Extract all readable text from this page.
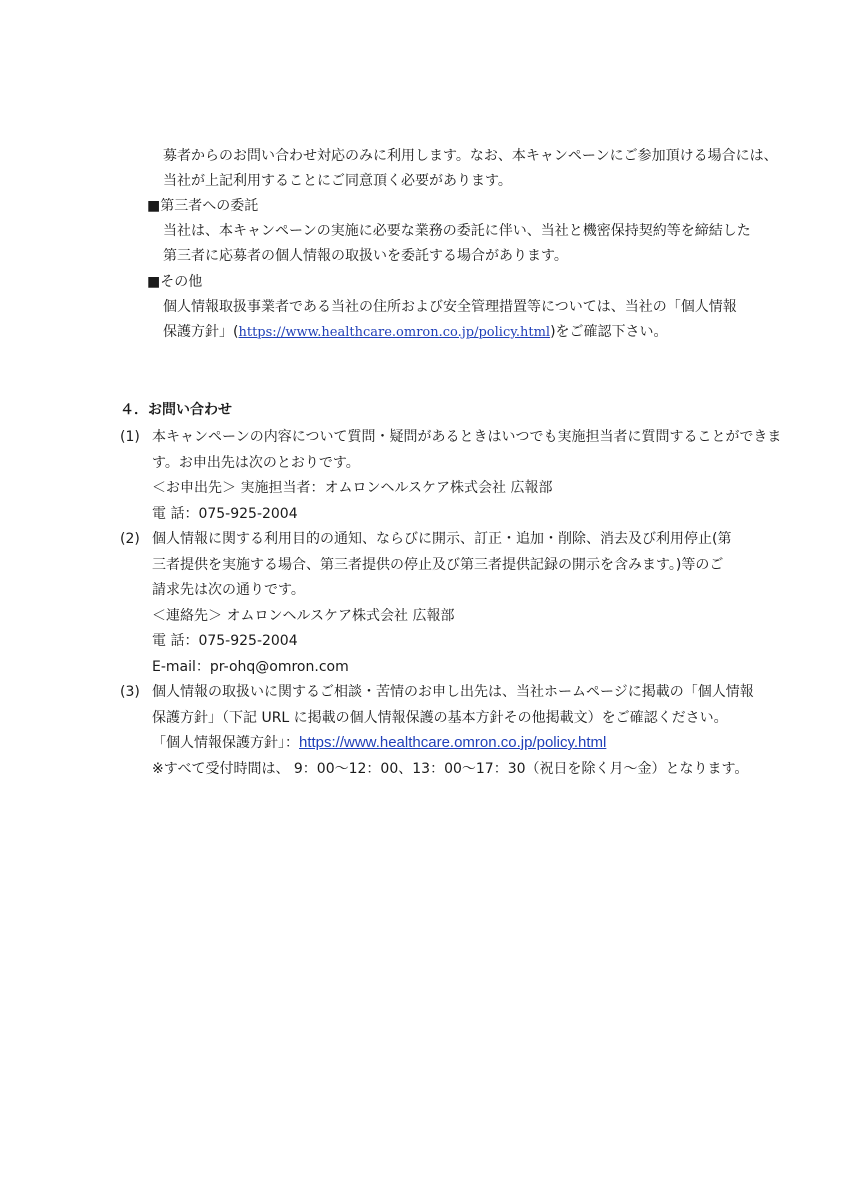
募者からのお問い合わせ対応のみに利用します。なお、本キャンペーンにご参加頂ける場合には、
当社が上記利用することにご同意頂く必要があります。
■第三者への委託
当社は、本キャンペーンの実施に必要な業務の委託に伴い、当社と機密保持契約等を締結した
第三者に応募者の個人情報の取扱いを委託する場合があります。
■その他
個人情報取扱事業者である当社の住所および安全管理措置等については、当社の「個人情報
保護方針」(https://www.healthcare.omron.co.jp/policy.html)をご確認下さい。
４．お問い合わせ
(1) 本キャンペーンの内容について質問・疑問があるときはいつでも実施担当者に質問することができま
す。お申出先は次のとおりです。
＜お申出先＞ 実施担当者：オムロンヘルスケア株式会社 広報部
電 話：075-925-2004
(2) 個人情報に関する利用目的の通知、ならびに開示、訂正・追加・削除、消去及び利用停止(第
三者提供を実施する場合、第三者提供の停止及び第三者提供記録の開示を含みます。)等のご
請求先は次の通りです。
＜連絡先＞ オムロンヘルスケア株式会社 広報部
電 話：075-925-2004
E-mail：pr-ohq@omron.com
(3) 個人情報の取扱いに関するご相談・苦情のお申し出先は、当社ホームページに掲載の「個人情報
保護方針」（下記 URL に掲載の個人情報保護の基本方針その他掲載文）をご確認ください。
「個人情報保護方針」：https://www.healthcare.omron.co.jp/policy.html
※すべて受付時間は、 9：00～12：00、13：00～17：30（祝日を除く月～金）となります。
